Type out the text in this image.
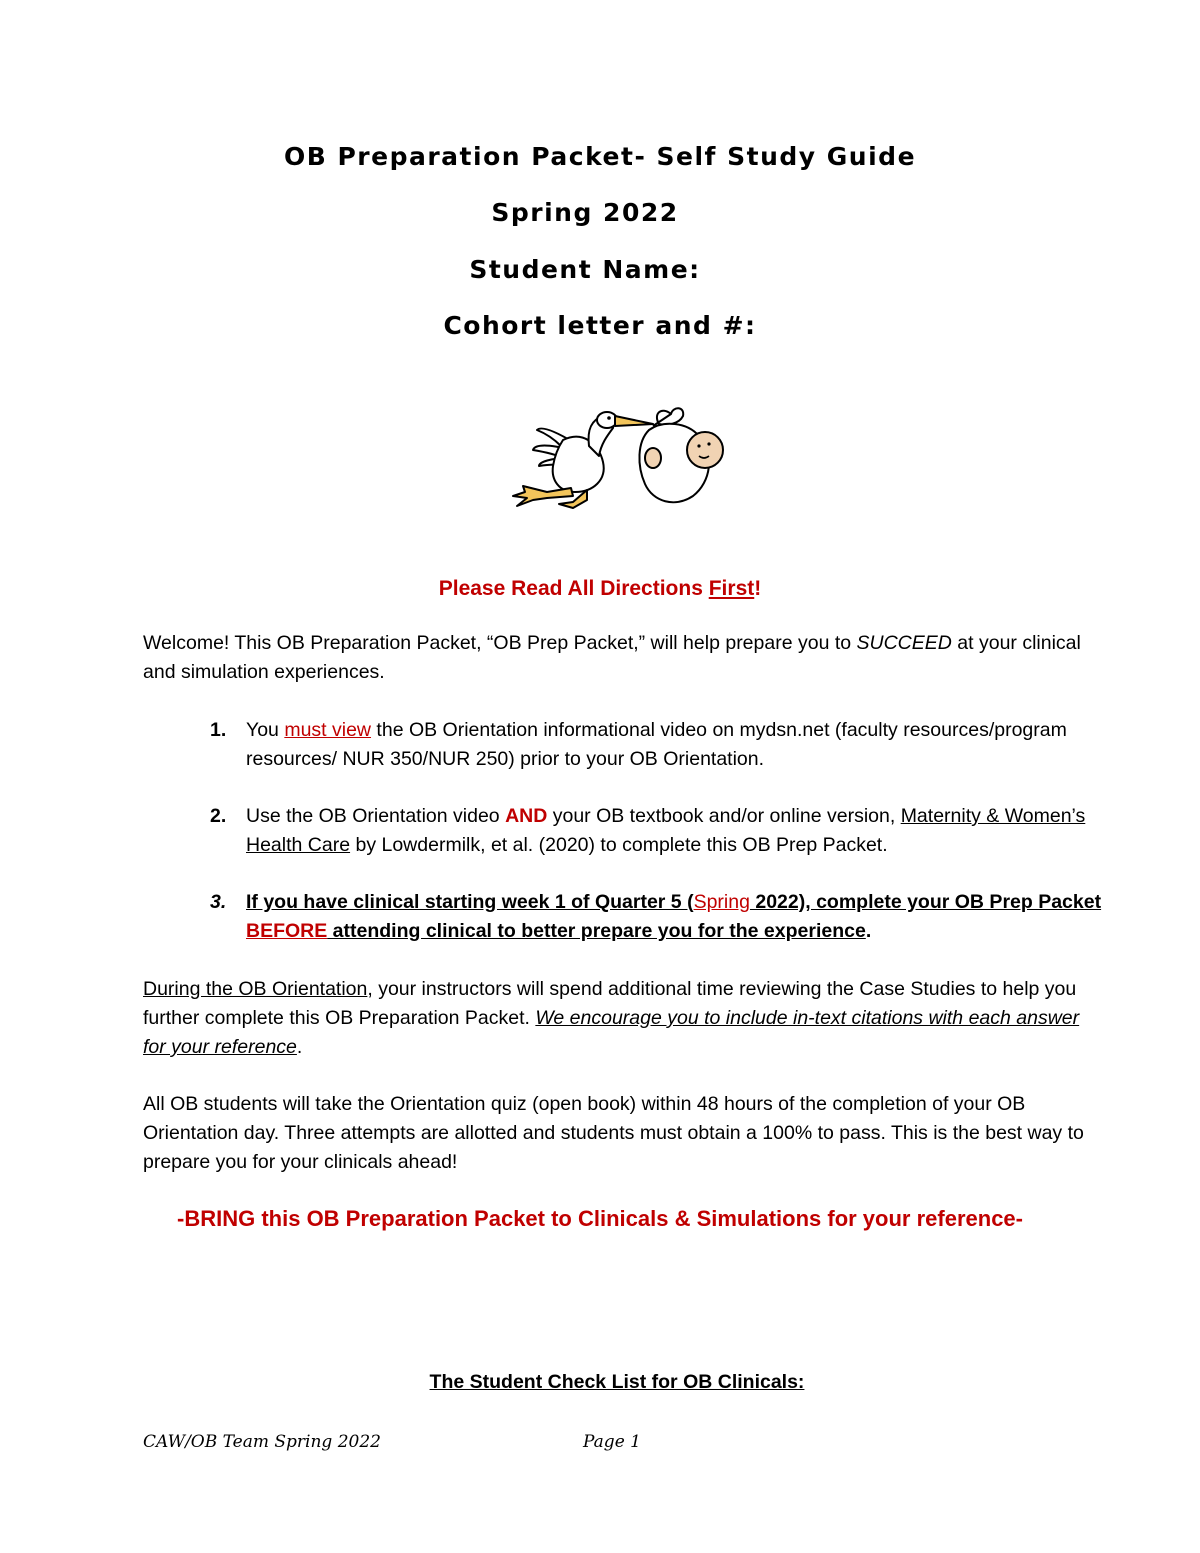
OB Preparation Packet- Self Study Guide

Spring 2022

Student Name:

Cohort letter and #:

Please Read All Directions First!

Welcome! This OB Preparation Packet, “OB Prep Packet,” will help prepare you to SUCCEED at your clinical and simulation experiences.

1. You must view the OB Orientation informational video on mydsn.net (faculty resources/program resources/ NUR 350/NUR 250) prior to your OB Orientation.
2. Use the OB Orientation video AND your OB textbook and/or online version, Maternity & Women’s Health Care by Lowdermilk, et al. (2020) to complete this OB Prep Packet.
3. If you have clinical starting week 1 of Quarter 5 (Spring 2022), complete your OB Prep Packet BEFORE attending clinical to better prepare you for the experience.

During the OB Orientation, your instructors will spend additional time reviewing the Case Studies to help you further complete this OB Preparation Packet. We encourage you to include in-text citations with each answer for your reference.

All OB students will take the Orientation quiz (open book) within 48 hours of the completion of your OB Orientation day. Three attempts are allotted and students must obtain a 100% to pass. This is the best way to prepare you for your clinicals ahead!

-BRING this OB Preparation Packet to Clinicals & Simulations for your reference-
The Student Check List for OB Clinicals:
CAW/OB Team Spring 2022	Page 1
